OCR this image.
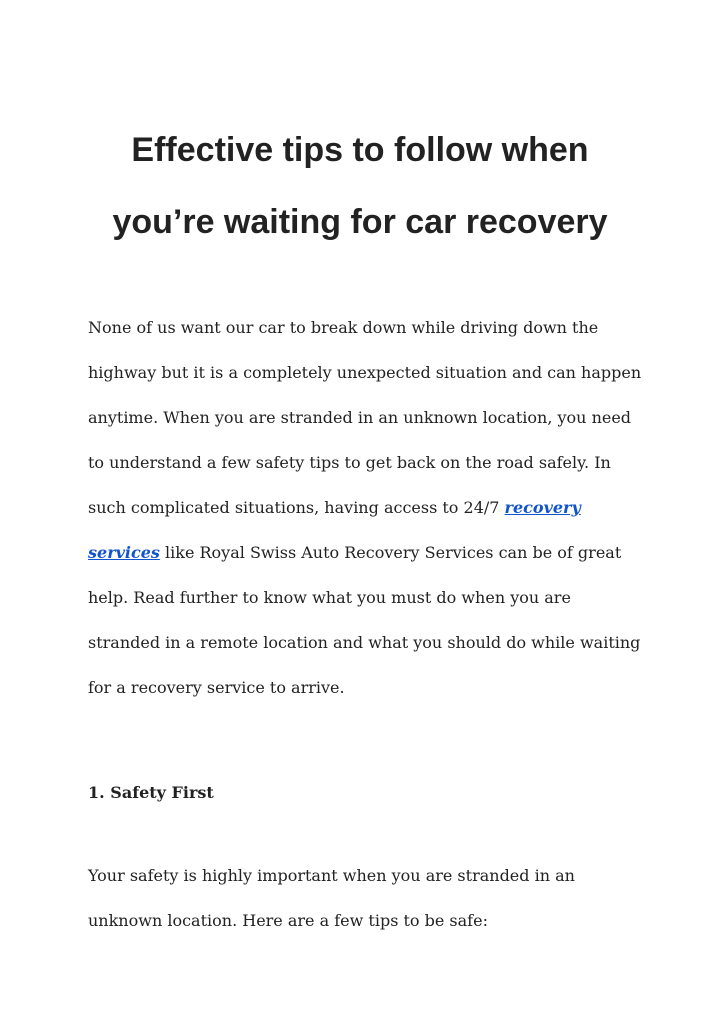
Effective tips to follow when
you’re waiting for car recovery

None of us want our car to break down while driving down the
highway but it is a completely unexpected situation and can happen
anytime. When you are stranded in an unknown location, you need
to understand a few safety tips to get back on the road safely. In
such complicated situations, having access to 24/7 recovery
services like Royal Swiss Auto Recovery Services can be of great
help. Read further to know what you must do when you are
stranded in a remote location and what you should do while waiting
for a recovery service to arrive.

1. Safety First

Your safety is highly important when you are stranded in an
unknown location. Here are a few tips to be safe:
